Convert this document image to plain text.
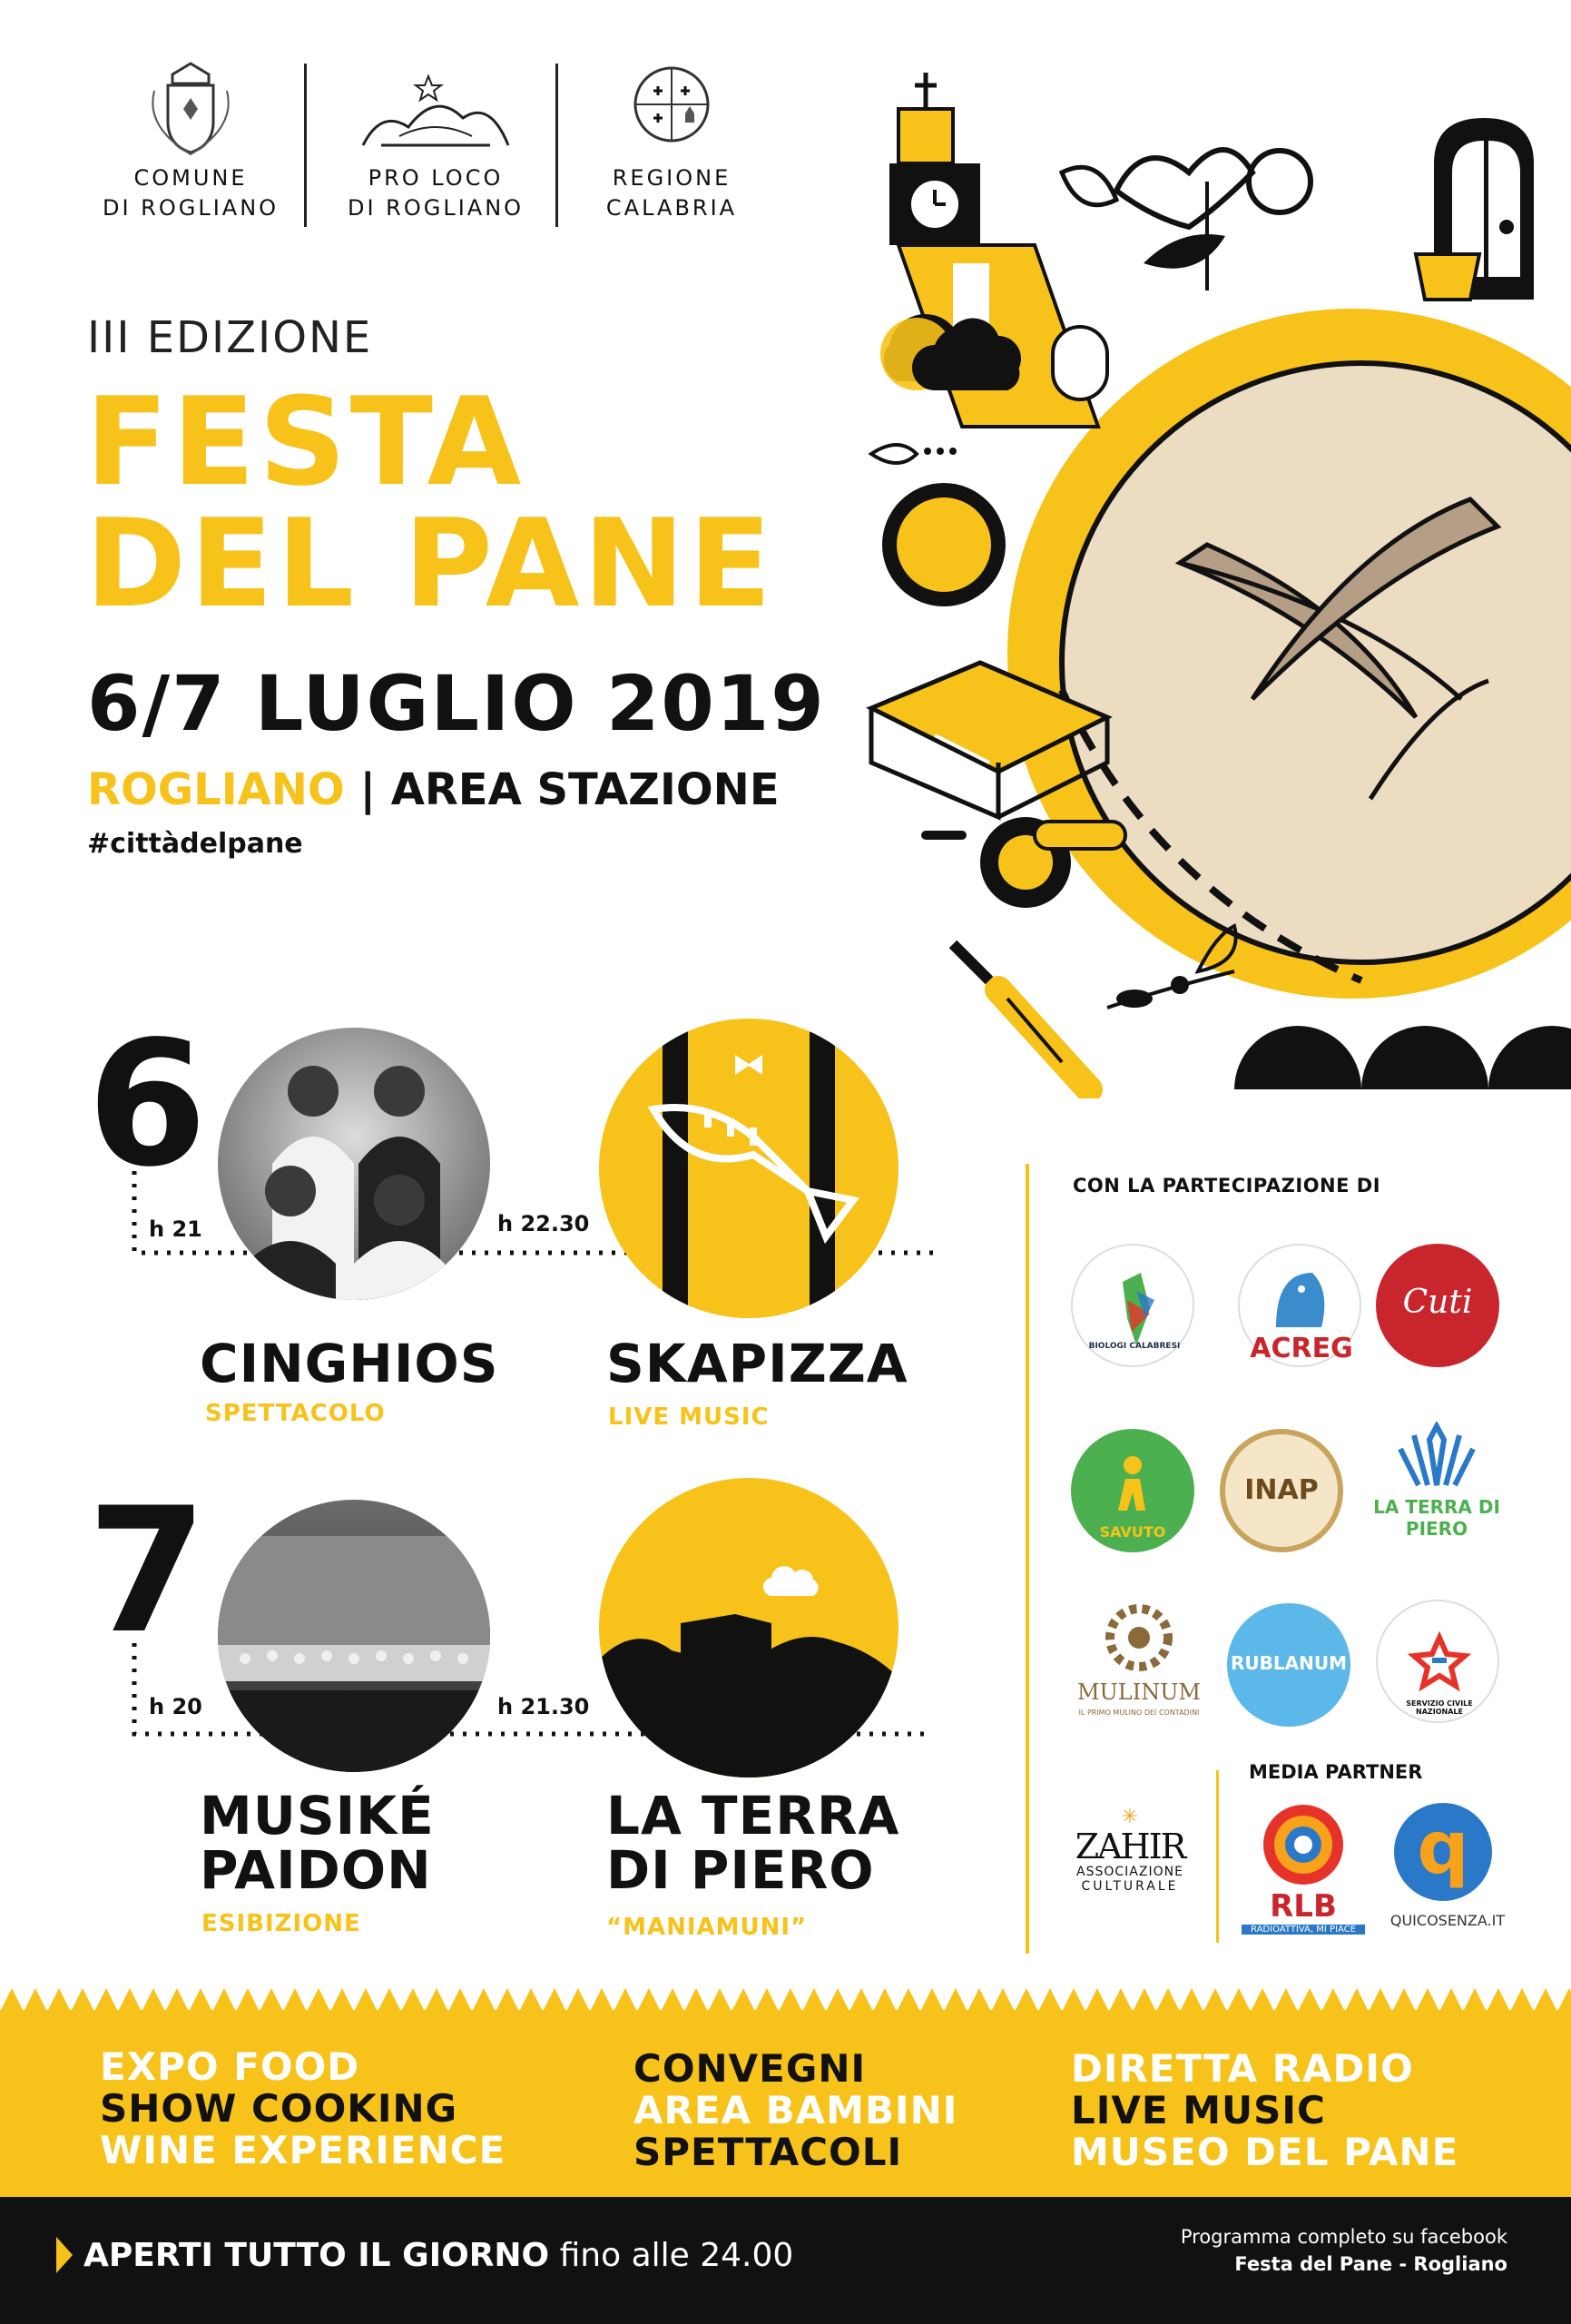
COMUNE
DI ROGLIANO
PRO LOCO
DI ROGLIANO
REGIONE
CALABRIA
III EDIZIONE
FESTA
DEL PANE
6/7 LUGLIO 2019
ROGLIANO | AREA STAZIONE
#cittàdelpane
6
h 21	h 22.30
CINGHIOS
SPETTACOLO
SKAPIZZA
LIVE MUSIC
7
h 20	h 21.30
MUSIKÉ
PAIDON
ESIBIZIONE
LA TERRA
DI PIERO
“MANIAMUNI”
CON LA PARTECIPAZIONE DI
BIOLOGI CALABRESI	ACREG
Cuti
SAVUTO
INAP
LA TERRA DI PIERO
MULINUM
IL PRIMO MULINO DEI CONTADINI
RUBLANUM
SERVIZIO CIVILE NAZIONALE
MEDIA PARTNER
✳
ZAHIR
ASSOCIAZIONE
CULTURALE
RLB
RADIOATTIVA, MI PIACE
q
QUICOSENZA.IT
EXPO FOOD
SHOW COOKING
WINE EXPERIENCE
CONVEGNI
AREA BAMBINI
SPETTACOLI
DIRETTA RADIO
LIVE MUSIC
MUSEO DEL PANE
APERTI TUTTO IL GIORNO fino alle 24.00	Programma completo su facebook
Festa del Pane - Rogliano
